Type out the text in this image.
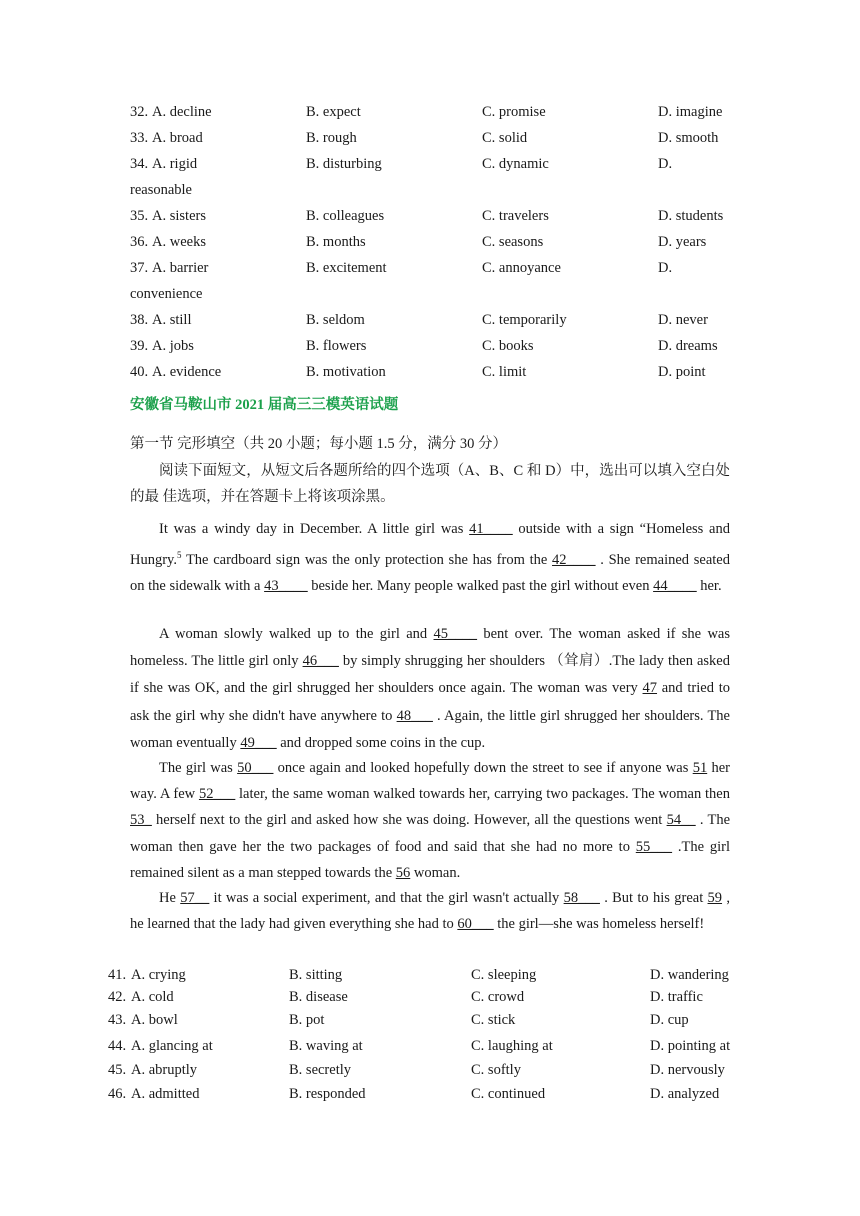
32. A. decline	B. expect	C. promise	D. imagine
33. A. broad	B. rough	C. solid	D. smooth
34. A. rigid	B. disturbing	C. dynamic	D.
reasonable
35. A. sisters	B. colleagues	C. travelers	D. students
36. A. weeks	B. months	C. seasons	D. years
37. A. barrier	B. excitement	C. annoyance	D.
convenience
38. A. still	B. seldom	C. temporarily	D. never
39. A. jobs	B. flowers	C. books	D. dreams
40. A. evidence	B. motivation	C. limit	D. point
安徽省马鞍山市 2021 届高三三模英语试题
第一节 完形填空（共 20 小题；每小题 1.5 分，满分 30 分）
阅读下面短文，从短文后各题所给的四个选项（A、B、C 和 D）中，选出可以填入空白处的最 佳选项，并在答题卡上将该项涂黑。
It was a windy day in December. A little girl was 41____ outside with a sign “Homeless and Hungry.$^5$ The cardboard sign was the only protection she has from the 42____ . She remained seated on the sidewalk with a 43____ beside her. Many people walked past the girl without even 44____ her.
A woman slowly walked up to the girl and 45____ bent over. The woman asked if she was homeless. The little girl only 46___ by simply shrugging her shoulders （耸肩）.The lady then asked if she was OK, and the girl shrugged her shoulders once again. The woman was very 47 and tried to ask the girl why she didn't have anywhere to 48___ . Again, the little girl shrugged her shoulders. The woman eventually 49___ and dropped some coins in the cup.
The girl was 50___ once again and looked hopefully down the street to see if anyone was 51 her way. A few 52___ later, the same woman walked towards her, carrying two packages. The woman then 53_ herself next to the girl and asked how she was doing. However, all the questions went 54__ . The woman then gave her the two packages of food and said that she had no more to 55___ .The girl remained silent as a man stepped towards the 56 woman.
He 57__ it was a social experiment, and that the girl wasn't actually 58___ . But to his great 59 , he learned that the lady had given everything she had to 60___ the girl—she was homeless herself!
41. A. crying	B. sitting	C. sleeping	D. wandering
42. A. cold	B. disease	C. crowd	D. traffic
43. A. bowl	B. pot	C. stick	D. cup
44. A. glancing at	B. waving at	C. laughing at	D. pointing at
45. A. abruptly	B. secretly	C. softly	D. nervously
46. A. admitted	B. responded	C. continued	D. analyzed
